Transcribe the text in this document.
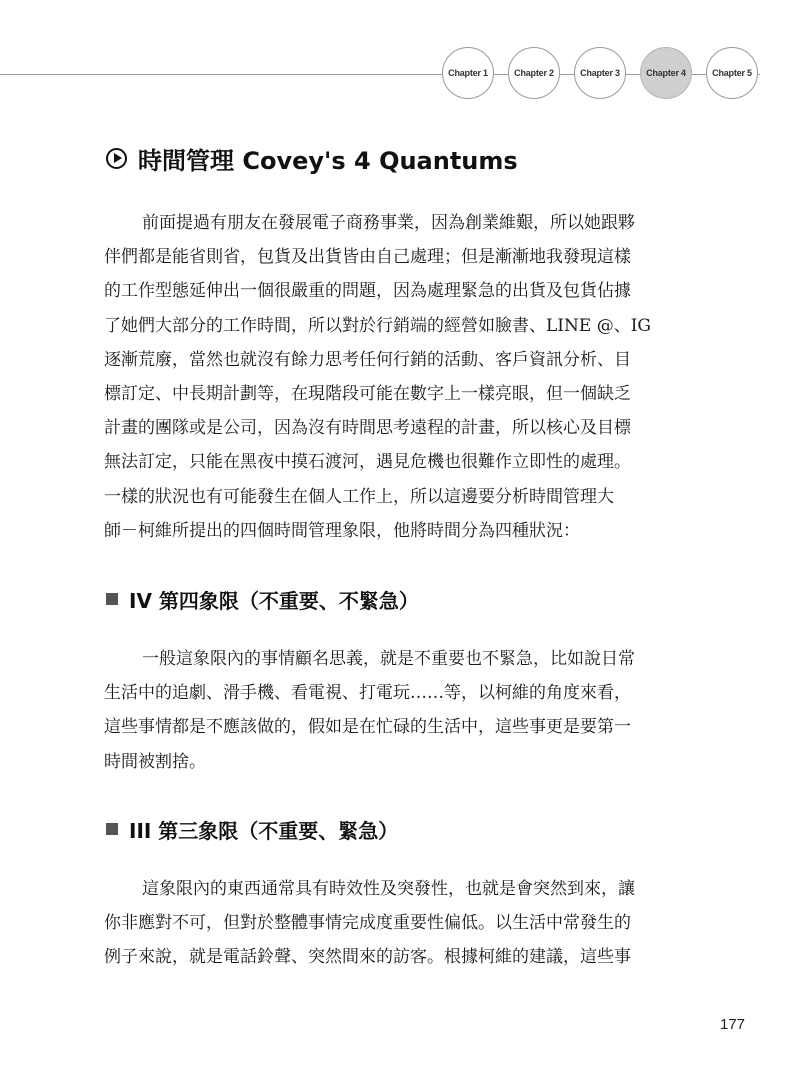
Chapter 1	Chapter 2	Chapter 3	Chapter 4	Chapter 5
時間管理 Covey's 4 Quantums
前面提過有朋友在發展電子商務事業，因為創業維艱，所以她跟夥
伴們都是能省則省，包貨及出貨皆由自己處理；但是漸漸地我發現這樣
的工作型態延伸出一個很嚴重的問題，因為處理緊急的出貨及包貨佔據
了她們大部分的工作時間，所以對於行銷端的經營如臉書、LINE @、IG
逐漸荒廢，當然也就沒有餘力思考任何行銷的活動、客戶資訊分析、目
標訂定、中長期計劃等，在現階段可能在數字上一樣亮眼，但一個缺乏
計畫的團隊或是公司，因為沒有時間思考遠程的計畫，所以核心及目標
無法訂定，只能在黑夜中摸石渡河，遇見危機也很難作立即性的處理。
一樣的狀況也有可能發生在個人工作上，所以這邊要分析時間管理大
師－柯維所提出的四個時間管理象限，他將時間分為四種狀況：
IV 第四象限（不重要、不緊急）
一般這象限內的事情顧名思義，就是不重要也不緊急，比如說日常
生活中的追劇、滑手機、看電視、打電玩……等，以柯維的角度來看，
這些事情都是不應該做的，假如是在忙碌的生活中，這些事更是要第一
時間被割捨。
III 第三象限（不重要、緊急）
這象限內的東西通常具有時效性及突發性，也就是會突然到來，讓
你非應對不可，但對於整體事情完成度重要性偏低。以生活中常發生的
例子來說，就是電話鈴聲、突然間來的訪客。根據柯維的建議，這些事
177
